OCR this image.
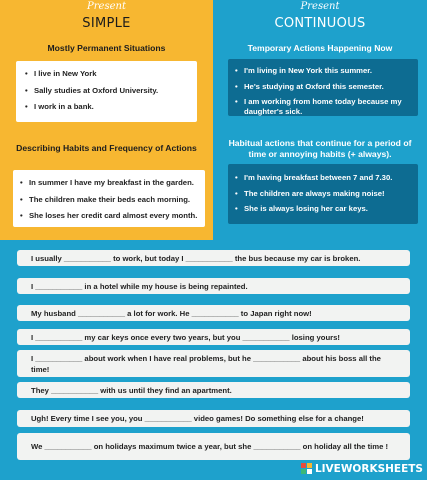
Present
SIMPLE
Mostly Permanent Situations
• I live in New York
• Sally studies at Oxford University.
• I work in a bank.
Describing Habits and Frequency of Actions
• In summer I have my breakfast in the garden.
• The children make their beds each morning.
• She loses her credit card almost every month.
Present
CONTINUOUS
Temporary Actions Happening Now
• I'm living in New York this summer.
• He's studying at Oxford this semester.
• I am working from home today because my daughter's sick.
Habitual actions that continue for a period of time or annoying habits (+ always).
• I'm having breakfast between 7 and 7.30.
• The children are always making noise!
• She is always losing her car keys.
I usually ___________ to work, but today I ___________ the bus because my car is broken.
I ___________ in a hotel while my house is being repainted.
My husband ___________ a lot for work. He ___________ to Japan right now!
I ___________ my car keys once every two years, but you ___________ losing yours!
I ___________ about work when I have real problems, but he ___________ about his boss all the time!
They ___________ with us until they find an apartment.
Ugh! Every time I see you, you ___________ video games! Do something else for a change!
We ___________ on holidays maximum twice a year, but she ___________ on holiday all the time !
LIVEWORKSHEETS
